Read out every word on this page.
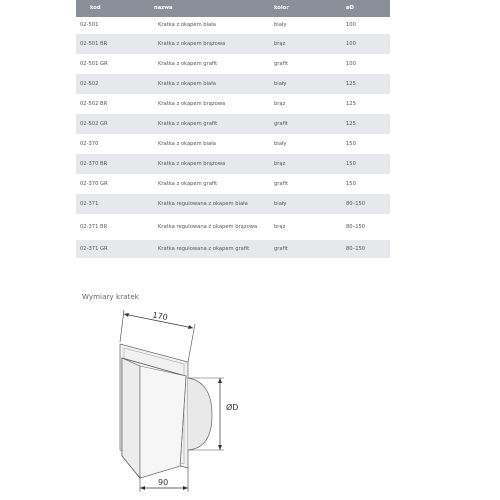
kod	nazwa	kolor	øD
02-501	Kratka z okapem biała	biały	100
02-501 BR	Kratka z okapem brązowa	brąz	100
02-501 GR	Kratka z okapem grafit	grafit	100
02-502	Kratka z okapem biała	biały	125
02-502 BR	Kratka z okapem brązowa	brąz	125
02-502 GR	Kratka z okapem grafit	grafit	125
02-370	Kratka z okapem biała	biały	150
02-370 BR	Kratka z okapem brązowa	brąz	150
02-370 GR	Kratka z okapem grafit	grafit	150
02-371	Kratka regulowana z okapem biała	biały	80–150
02-371 BR	Kratka regulowana z okapem brązowa	brąz	80–150
02-371 GR	Kratka regulowana z okapem grafit	grafit	80–150
Wymiary kratek
170
ØD
90
